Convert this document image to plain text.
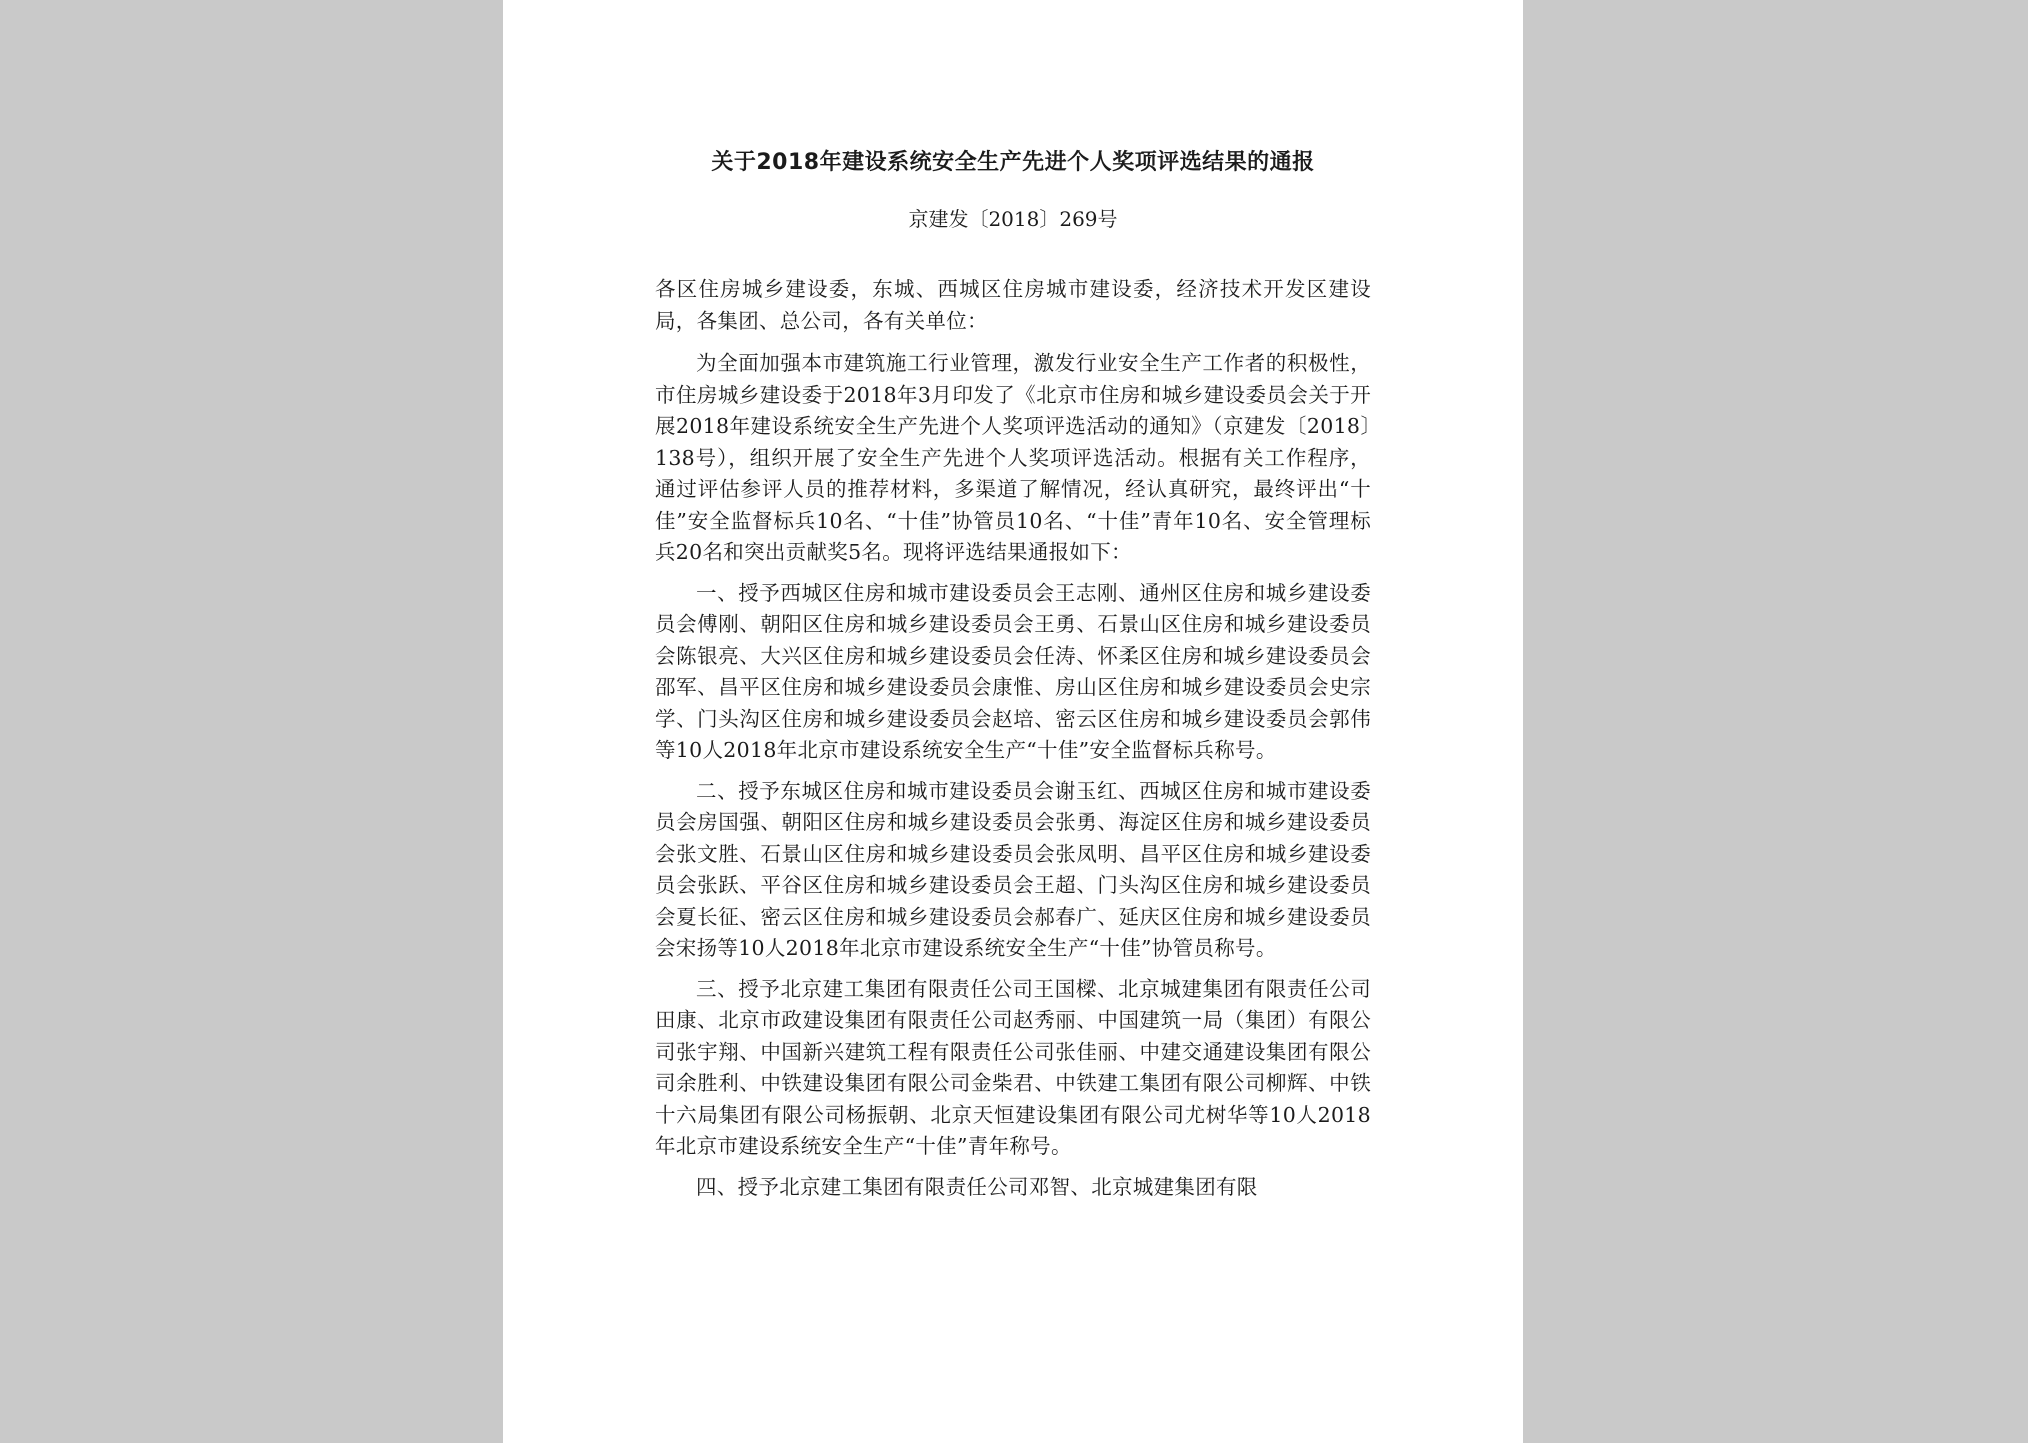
关于2018年建设系统安全生产先进个人奖项评选结果的通报
京建发〔2018〕269号
各区住房城乡建设委，东城、西城区住房城市建设委，经济技术开发区建设局，各集团、总公司，各有关单位：
为全面加强本市建筑施工行业管理，激发行业安全生产工作者的积极性，市住房城乡建设委于2018年3月印发了《北京市住房和城乡建设委员会关于开展2018年建设系统安全生产先进个人奖项评选活动的通知》（京建发〔2018〕138号），组织开展了安全生产先进个人奖项评选活动。根据有关工作程序，通过评估参评人员的推荐材料，多渠道了解情况，经认真研究，最终评出“十佳”安全监督标兵10名、“十佳”协管员10名、“十佳”青年10名、安全管理标兵20名和突出贡献奖5名。现将评选结果通报如下：
一、授予西城区住房和城市建设委员会王志刚、通州区住房和城乡建设委员会傅刚、朝阳区住房和城乡建设委员会王勇、石景山区住房和城乡建设委员会陈银亮、大兴区住房和城乡建设委员会任涛、怀柔区住房和城乡建设委员会邵军、昌平区住房和城乡建设委员会康惟、房山区住房和城乡建设委员会史宗学、门头沟区住房和城乡建设委员会赵培、密云区住房和城乡建设委员会郭伟等10人2018年北京市建设系统安全生产“十佳”安全监督标兵称号。
二、授予东城区住房和城市建设委员会谢玉红、西城区住房和城市建设委员会房国强、朝阳区住房和城乡建设委员会张勇、海淀区住房和城乡建设委员会张文胜、石景山区住房和城乡建设委员会张凤明、昌平区住房和城乡建设委员会张跃、平谷区住房和城乡建设委员会王超、门头沟区住房和城乡建设委员会夏长征、密云区住房和城乡建设委员会郝春广、延庆区住房和城乡建设委员会宋扬等10人2018年北京市建设系统安全生产“十佳”协管员称号。
三、授予北京建工集团有限责任公司王国樑、北京城建集团有限责任公司田康、北京市政建设集团有限责任公司赵秀丽、中国建筑一局（集团）有限公司张宇翔、中国新兴建筑工程有限责任公司张佳丽、中建交通建设集团有限公司余胜利、中铁建设集团有限公司金柴君、中铁建工集团有限公司柳辉、中铁十六局集团有限公司杨振朝、北京天恒建设集团有限公司尤树华等10人2018年北京市建设系统安全生产“十佳”青年称号。
四、授予北京建工集团有限责任公司邓智、北京城建集团有限
